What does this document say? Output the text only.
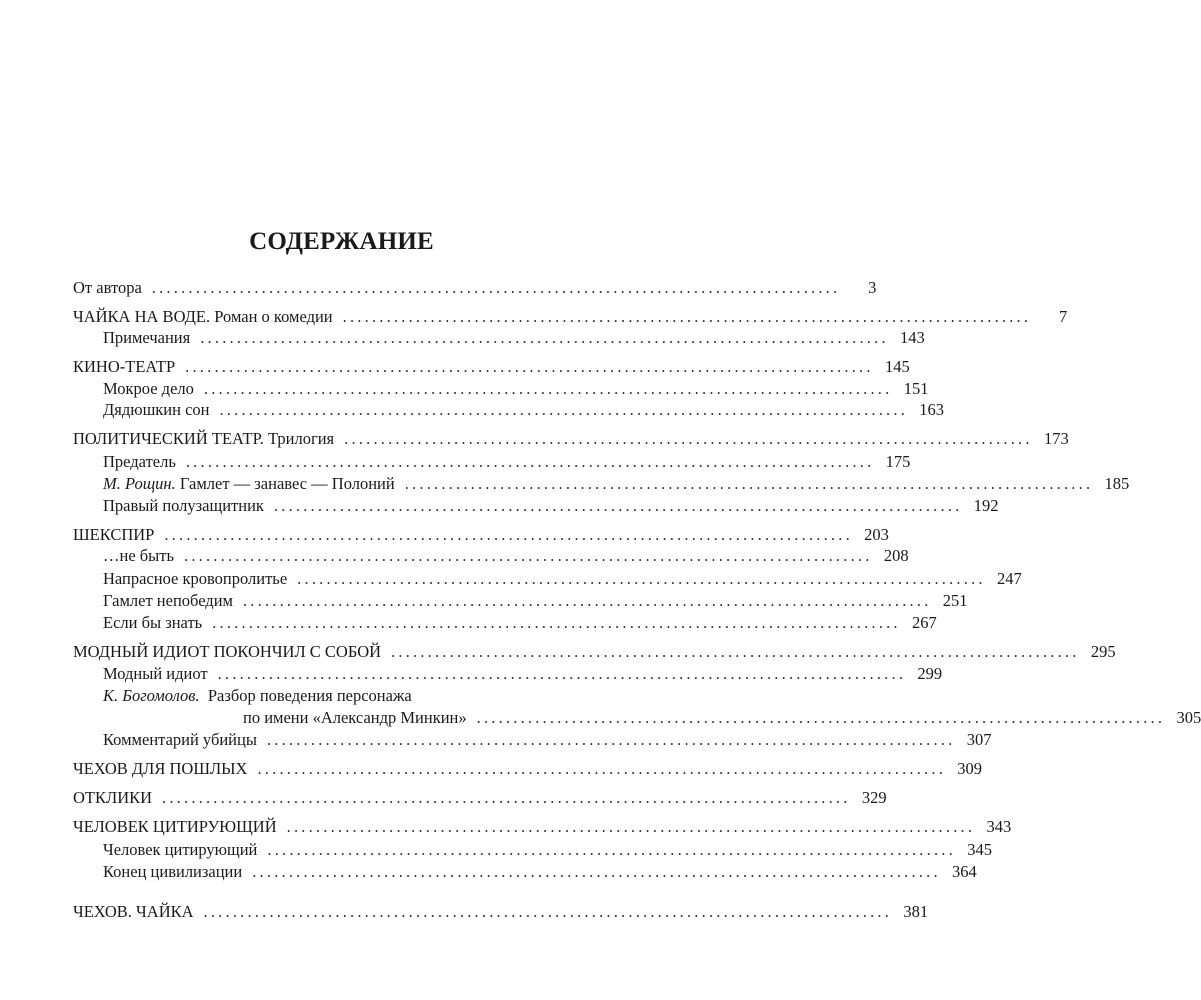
СОДЕРЖАНИЕ
От автора ..............................................................................................	3
ЧАЙКА НА ВОДЕ. Роман о комедии ..............................................................................................	7
Примечания .............................................................................................. 143
КИНО-ТЕАТР .............................................................................................. 145
Мокрое дело .............................................................................................. 151
Дядюшкин сон .............................................................................................. 163
ПОЛИТИЧЕСКИЙ ТЕАТР. Трилогия .............................................................................................. 173
Предатель .............................................................................................. 175
М. Рощин. Гамлет — занавес — Полоний .............................................................................................. 185
Правый полузащитник .............................................................................................. 192
ШЕКСПИР .............................................................................................. 203
…не быть .............................................................................................. 208
Напрасное кровопролитье .............................................................................................. 247
Гамлет непобедим .............................................................................................. 251
Если бы знать .............................................................................................. 267
МОДНЫЙ ИДИОТ ПОКОНЧИЛ С СОБОЙ .............................................................................................. 295
Модный идиот .............................................................................................. 299
К. Богомолов. Разбор поведения персонажа
по имени «Александр Минкин» .............................................................................................. 305
Комментарий убийцы .............................................................................................. 307
ЧЕХОВ ДЛЯ ПОШЛЫХ .............................................................................................. 309
ОТКЛИКИ .............................................................................................. 329
ЧЕЛОВЕК ЦИТИРУЮЩИЙ .............................................................................................. 343
Человек цитирующий .............................................................................................. 345
Конец цивилизации .............................................................................................. 364
ЧЕХОВ. ЧАЙКА .............................................................................................. 381
